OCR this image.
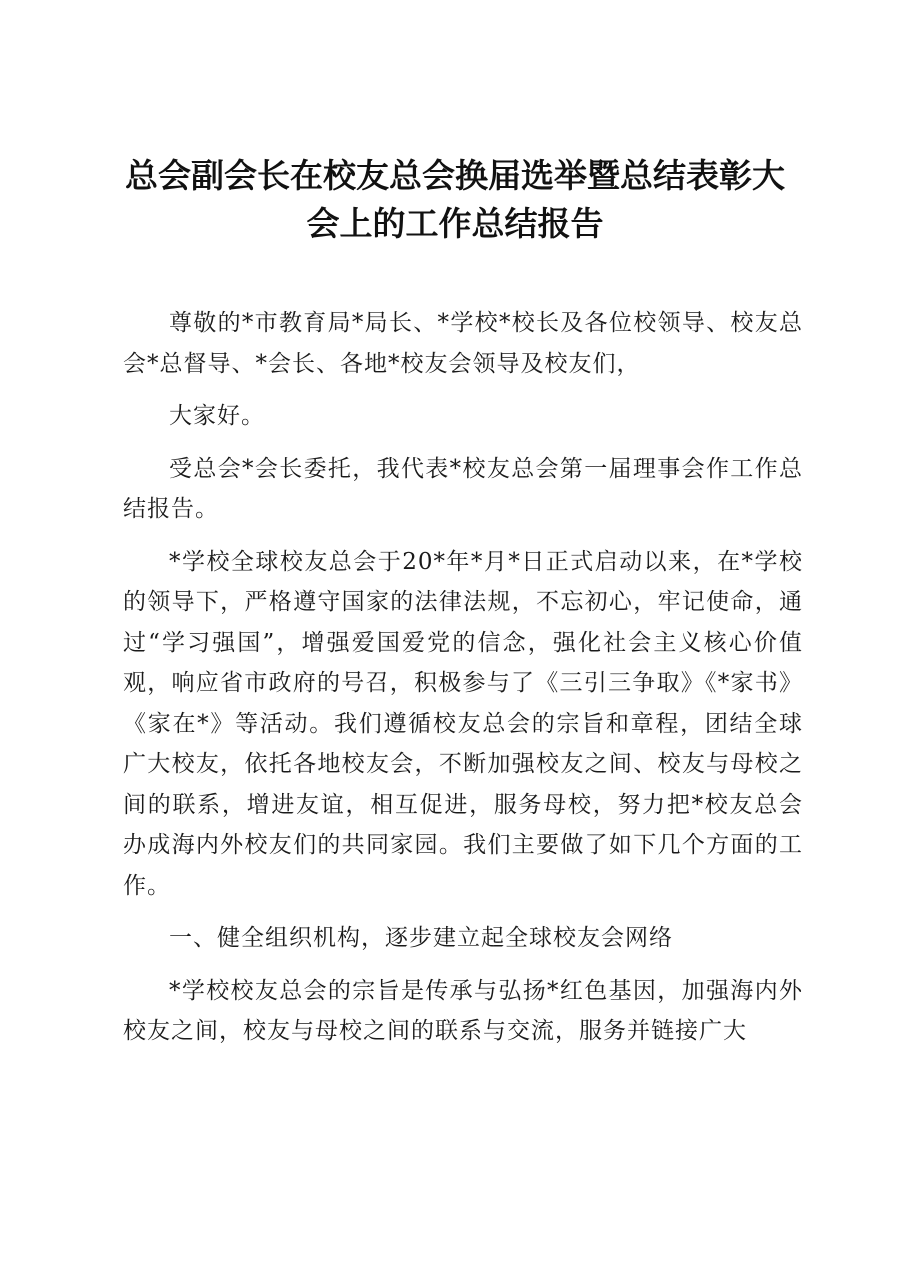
总会副会长在校友总会换届选举暨总结表彰大会上的工作总结报告

尊敬的*市教育局*局长、*学校*校长及各位校领导、校友总会*总督导、*会长、各地*校友会领导及校友们，

大家好。

受总会*会长委托，我代表*校友总会第一届理事会作工作总结报告。

*学校全球校友总会于20*年*月*日正式启动以来，在*学校的领导下，严格遵守国家的法律法规，不忘初心，牢记使命，通过“学习强国”，增强爱国爱党的信念，强化社会主义核心价值观，响应省市政府的号召，积极参与了《三引三争取》《*家书》《家在*》等活动。我们遵循校友总会的宗旨和章程，团结全球广大校友，依托各地校友会，不断加强校友之间、校友与母校之间的联系，增进友谊，相互促进，服务母校，努力把*校友总会办成海内外校友们的共同家园。我们主要做了如下几个方面的工作。

一、健全组织机构，逐步建立起全球校友会网络

*学校校友总会的宗旨是传承与弘扬*红色基因，加强海内外校友之间，校友与母校之间的联系与交流，服务并链接广大
